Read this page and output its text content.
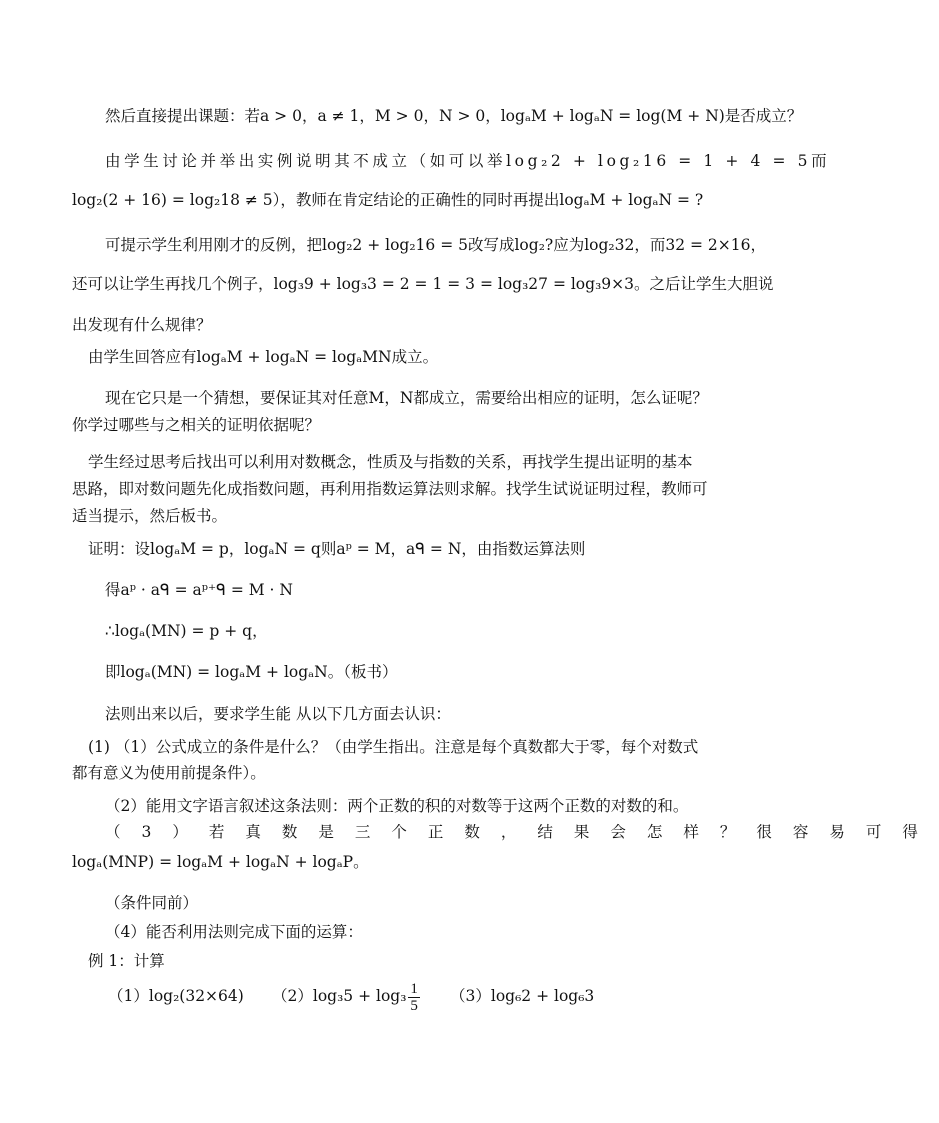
然后直接提出课题：若a > 0，a ≠ 1，M > 0，N > 0，logₐM + logₐN = log(M + N)是否成立？
由学生讨论并举出实例说明其不成立（如可以举log₂2 + log₂16 = 1 + 4 = 5而
log₂(2 + 16) = log₂18 ≠ 5），教师在肯定结论的正确性的同时再提出logₐM + logₐN = ?
可提示学生利用刚才的反例，把log₂2 + log₂16 = 5改写成log₂?应为log₂32，而32 = 2×16，
还可以让学生再找几个例子，log₃9 + log₃3 = 2 = 1 = 3 = log₃27 = log₃9×3。之后让学生大胆说
出发现有什么规律？
由学生回答应有logₐM + logₐN = logₐMN成立。
现在它只是一个猜想，要保证其对任意M，N都成立，需要给出相应的证明，怎么证呢？
你学过哪些与之相关的证明依据呢？
学生经过思考后找出可以利用对数概念，性质及与指数的关系，再找学生提出证明的基本
思路，即对数问题先化成指数问题，再利用指数运算法则求解。找学生试说证明过程，教师可
适当提示，然后板书。
证明：设logₐM = p，logₐN = q则aᵖ = M，aᑫ = N，由指数运算法则
得aᵖ · aᑫ = aᵖ⁺ᑫ = M · N
∴logₐ(MN) = p + q，
即logₐ(MN) = logₐM + logₐN。（板书）
法则出来以后，要求学生能 从以下几方面去认识：
(1) （1）公式成立的条件是什么？（由学生指出。注意是每个真数都大于零，每个对数式
都有意义为使用前提条件）。
（2）能用文字语言叙述这条法则：两个正数的积的对数等于这两个正数的对数的和。
（3）若真数是三个正数，结果会怎样？很容易可得
logₐ(MNP) = logₐM + logₐN + logₐP。
（条件同前）
（4）能否利用法则完成下面的运算：
例 1：计算
（1）log₂(32×64) $(2)\log_35 + \log_3 \frac{1}{5} (3)\log_62 + \log_63$
